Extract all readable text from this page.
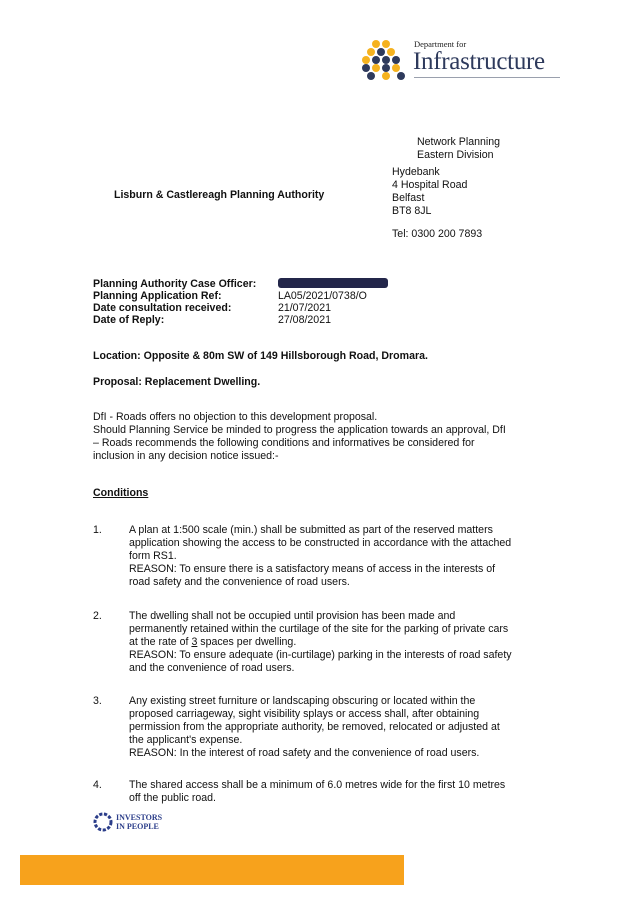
Department for
Infrastructure
Network Planning
Eastern Division
Hydebank
4 Hospital Road
Belfast
BT8 8JL
Tel: 0300 200 7893
Lisburn & Castlereagh Planning Authority
Planning Authority Case Officer:
Planning Application Ref:	LA05/2021/0738/O
Date consultation received:	21/07/2021
Date of Reply:	27/08/2021
Location: Opposite & 80m SW of 149 Hillsborough Road, Dromara.
Proposal: Replacement Dwelling.
DfI - Roads offers no objection to this development proposal.
Should Planning Service be minded to progress the application towards an approval, DfI
– Roads recommends the following conditions and informatives be considered for
inclusion in any decision notice issued:-
Conditions
1.	A plan at 1:500 scale (min.) shall be submitted as part of the reserved matters
application showing the access to be constructed in accordance with the attached
form RS1.
REASON: To ensure there is a satisfactory means of access in the interests of
road safety and the convenience of road users.
2.	The dwelling shall not be occupied until provision has been made and
permanently retained within the curtilage of the site for the parking of private cars
at the rate of 3 spaces per dwelling.
REASON: To ensure adequate (in-curtilage) parking in the interests of road safety
and the convenience of road users.
3.	Any existing street furniture or landscaping obscuring or located within the
proposed carriageway, sight visibility splays or access shall, after obtaining
permission from the appropriate authority, be removed, relocated or adjusted at
the applicant's expense.
REASON: In the interest of road safety and the convenience of road users.
4.	The shared access shall be a minimum of 6.0 metres wide for the first 10 metres
off the public road.
INVESTORS
IN PEOPLE
